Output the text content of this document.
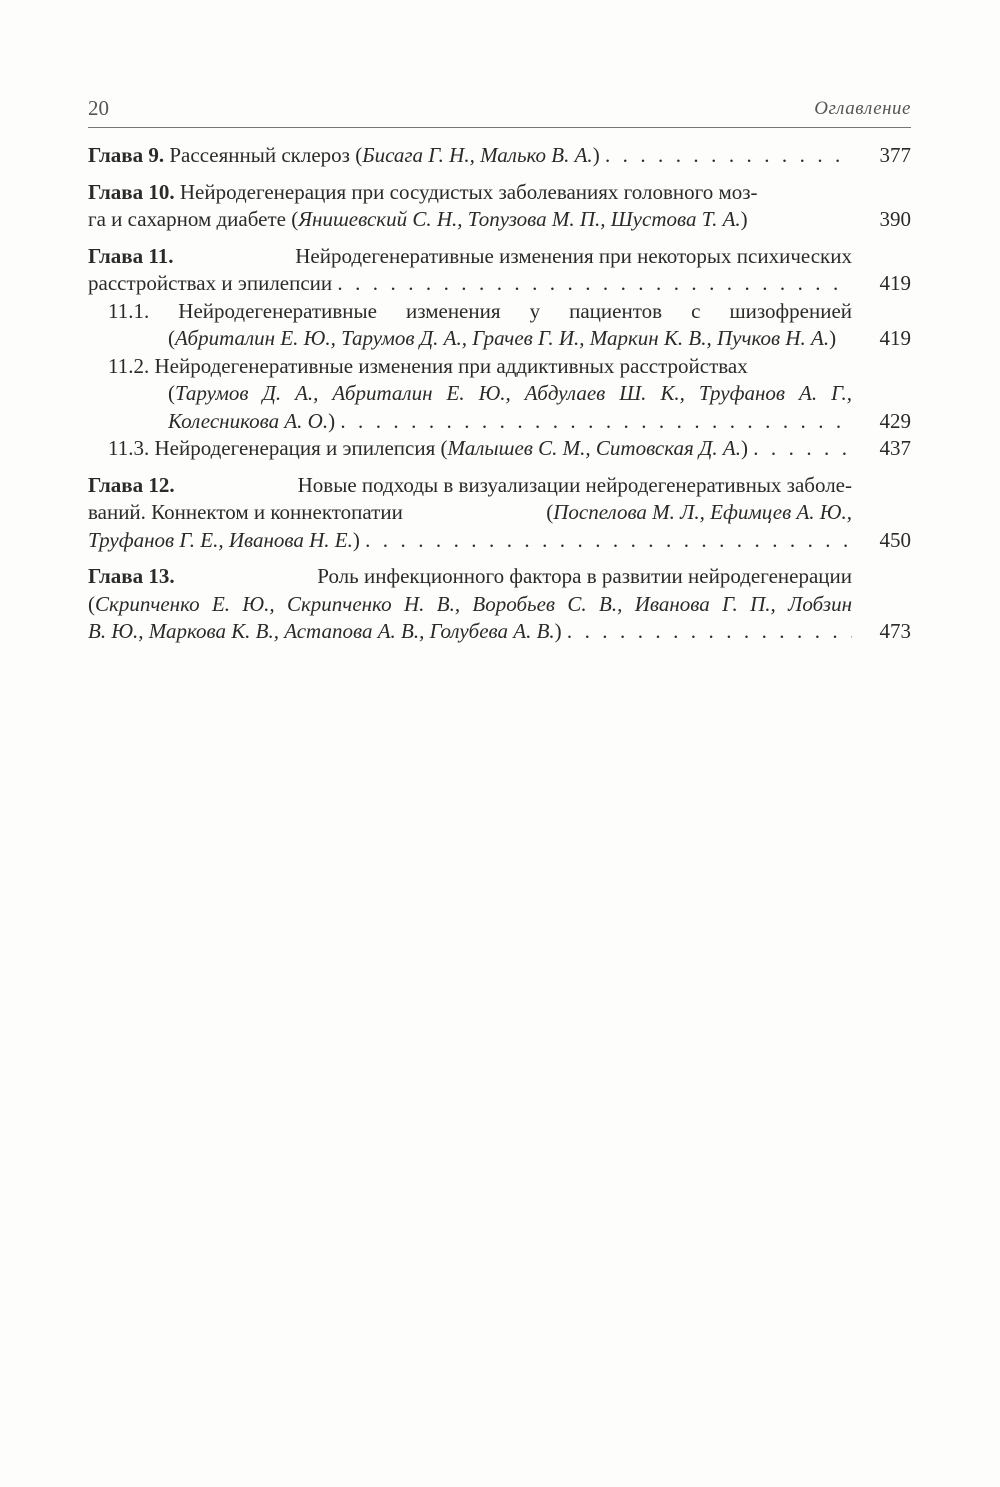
20	Оглавление
Глава 9. Рассеянный склероз (Бисага Г. Н., Малько В. А.) . . .	377
Глава 10. Нейродегенерация при сосудистых заболеваниях головного моз-
га и сахарном диабете (Янишевский С. Н., Топузова М. П., Шустова Т. А.)	390
Глава 11.	Нейродегенеративные изменения при некоторых психических
расстройствах и эпилепсии . . .	419
11.1. Нейродегенеративные изменения у пациентов с шизофренией
(Абриталин Е. Ю., Тарумов Д. А., Грачев Г. И., Маркин К. В., Пучков Н. А.) 419
11.2. Нейродегенеративные изменения при аддиктивных расстройствах
(Тарумов Д. А., Абриталин Е. Ю., Абдулаев Ш. К., Труфанов А. Г.,
Колесникова А. О.) . . .	429
11.3. Нейродегенерация и эпилепсия (Малышев С. М., Ситовская Д. А.) . . .	437
Глава 12.	Новые подходы в визуализации нейродегенеративных заболе-
ваний. Коннектом и коннектопатии	(Поспелова М. Л., Ефимцев А. Ю.,
Труфанов Г. Е., Иванова Н. Е.) . . .	450
Глава 13.	Роль инфекционного фактора в развитии нейродегенерации
(Скрипченко Е. Ю., Скрипченко Н. В., Воробьев С. В., Иванова Г. П., Лобзин
В. Ю., Маркова К. В., Астапова А. В., Голубева А. В.) . . .	473
